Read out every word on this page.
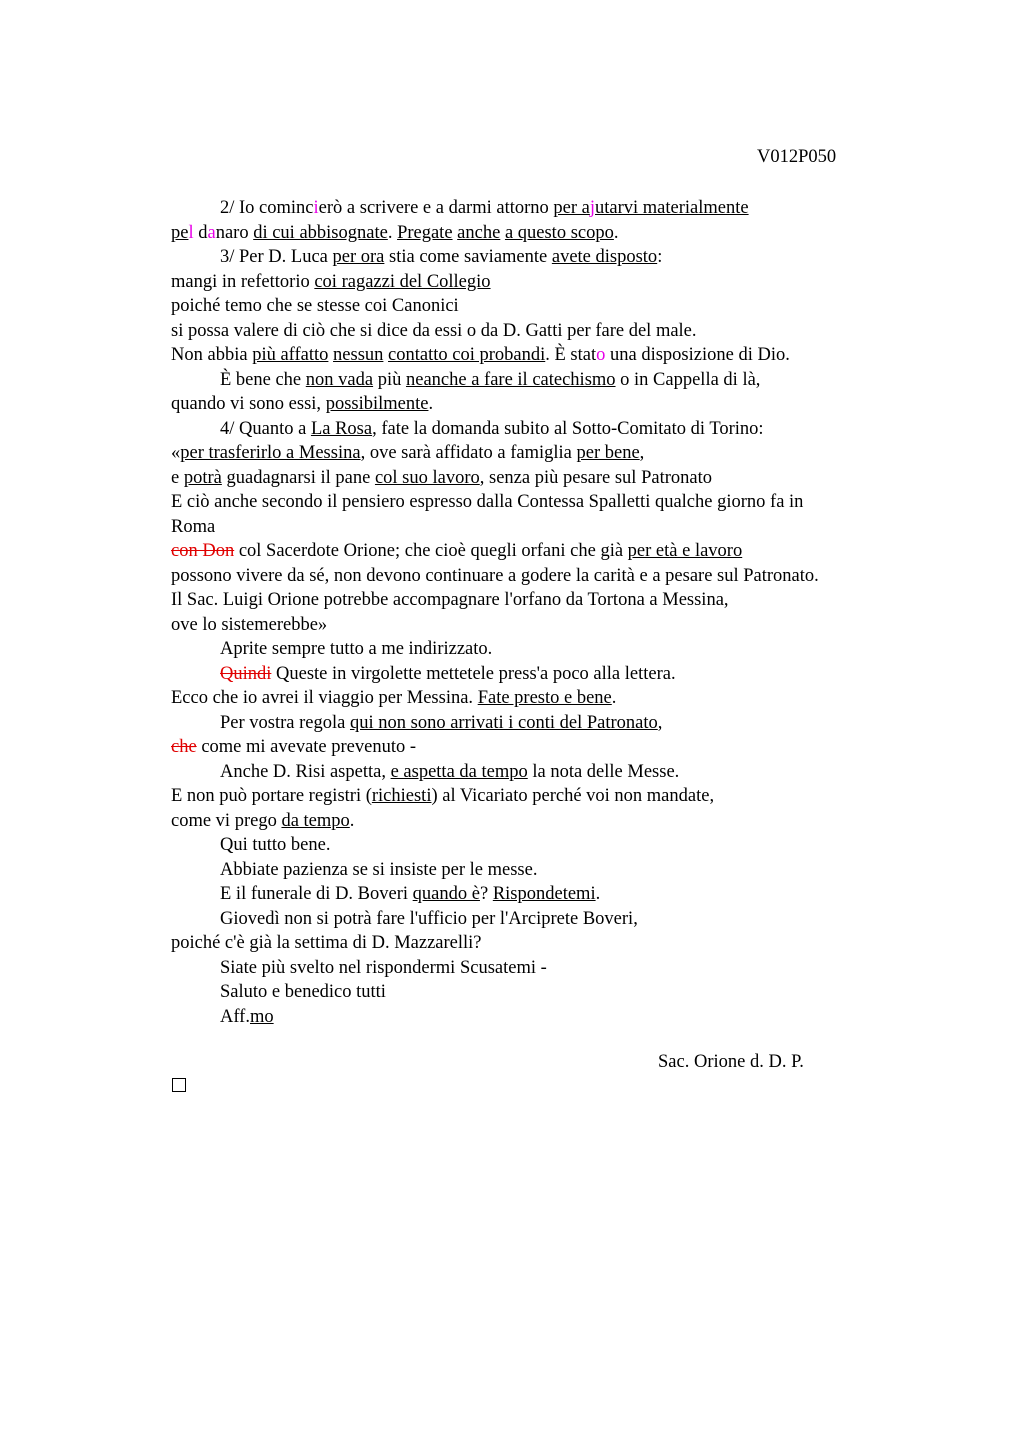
V012P050
2/ Io comincierò a scrivere e a darmi attorno per ajutarvi materialmente
pel danaro di cui abbisognate. Pregate anche a questo scopo.
3/ Per D. Luca per ora stia come saviamente avete disposto:
mangi in refettorio coi ragazzi del Collegio
poiché temo che se stesse coi Canonici
si possa valere di ciò che si dice da essi o da D. Gatti per fare del male.
Non abbia più affatto nessun contatto coi probandi. È stato una disposizione di Dio.
È bene che non vada più neanche a fare il catechismo o in Cappella di là,
quando vi sono essi, possibilmente.
4/ Quanto a La Rosa, fate la domanda subito al Sotto-Comitato di Torino:
«per trasferirlo a Messina, ove sarà affidato a famiglia per bene,
e potrà guadagnarsi il pane col suo lavoro, senza più pesare sul Patronato
E ciò anche secondo il pensiero espresso dalla Contessa Spalletti qualche giorno fa in
Roma
con Don col Sacerdote Orione; che cioè quegli orfani che già per età e lavoro
possono vivere da sé, non devono continuare a godere la carità e a pesare sul Patronato.
Il Sac. Luigi Orione potrebbe accompagnare l'orfano da Tortona a Messina,
ove lo sistemerebbe»
Aprite sempre tutto a me indirizzato.
Quindi Queste in virgolette mettetele press'a poco alla lettera.
Ecco che io avrei il viaggio per Messina. Fate presto e bene.
Per vostra regola qui non sono arrivati i conti del Patronato,
che come mi avevate prevenuto -
Anche D. Risi aspetta, e aspetta da tempo la nota delle Messe.
E non può portare registri (richiesti) al Vicariato perché voi non mandate,
come vi prego da tempo.
Qui tutto bene.
Abbiate pazienza se si insiste per le messe.
E il funerale di D. Boveri quando è? Rispondetemi.
Giovedì non si potrà fare l'ufficio per l'Arciprete Boveri,
poiché c'è già la settima di D. Mazzarelli?
Siate più svelto nel rispondermi Scusatemi -
Saluto e benedico tutti
Aff.mo
Sac. Orione d. D. P.
